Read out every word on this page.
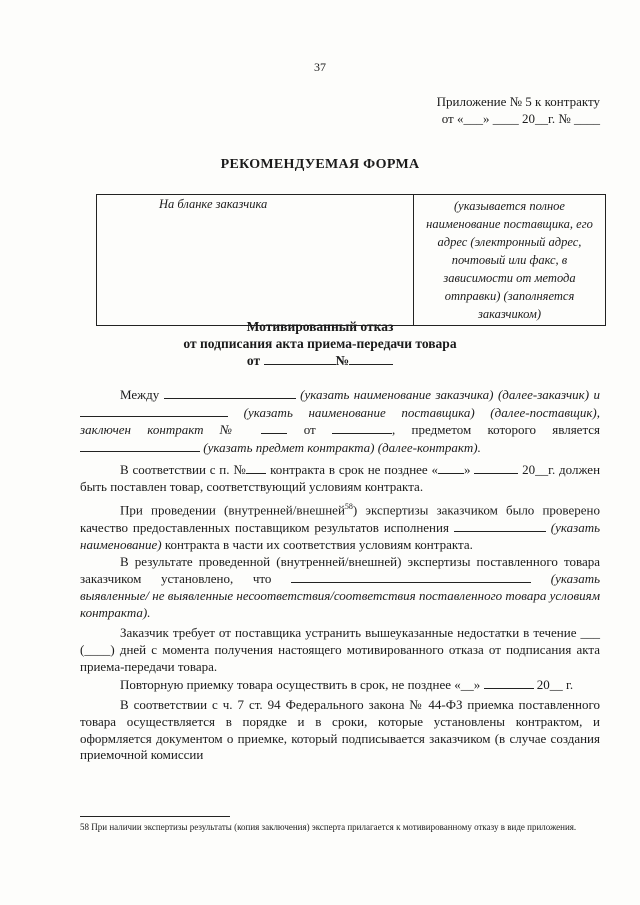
37
Приложение № 5 к контракту
от «___» ____ 20__г. № ____
РЕКОМЕНДУЕМАЯ ФОРМА
На бланке заказчика	(указывается полное наименование поставщика, его адрес (электронный адрес, почтовый или факс, в зависимости от метода отправки) (заполняется заказчиком)
Мотивированный отказ
от подписания акта приема-передачи товара
от	№

Между	(указать наименование заказчика) (далее-заказчик) и  (указать наименование поставщика) (далее-поставщик), заключен контракт №	от	, предметом которого является  (указать предмет контракта) (далее-контракт).

В соответствии с п. № контракта в срок не позднее « »	20__г. должен быть поставлен товар, соответствующий условиям контракта.

При проведении (внутренней/внешней$^{58}$) экспертизы заказчиком было проверено качество предоставленных поставщиком результатов исполнения	(указать наименование) контракта в части их соответствия условиям контракта.

В результате проведенной (внутренней/внешней) экспертизы поставленного товара заказчиком установлено, что	(указать выявленные/ не выявленные несоответствия/соответствия поставленного товара условиям контракта).

Заказчик требует от поставщика устранить вышеуказанные недостатки в течение ___ (____) дней с момента получения настоящего мотивированного отказа от подписания акта приема-передачи товара.

Повторную приемку товара осуществить в срок, не позднее «__»	20__ г.

В соответствии с ч. 7 ст. 94 Федерального закона № 44-ФЗ приемка поставленного товара осуществляется в порядке и в сроки, которые установлены контрактом, и оформляется документом о приемке, который подписывается заказчиком (в случае создания приемочной комиссии

58 При наличии экспертизы результаты (копия заключения) эксперта прилагается к мотивированному отказу в виде приложения.
